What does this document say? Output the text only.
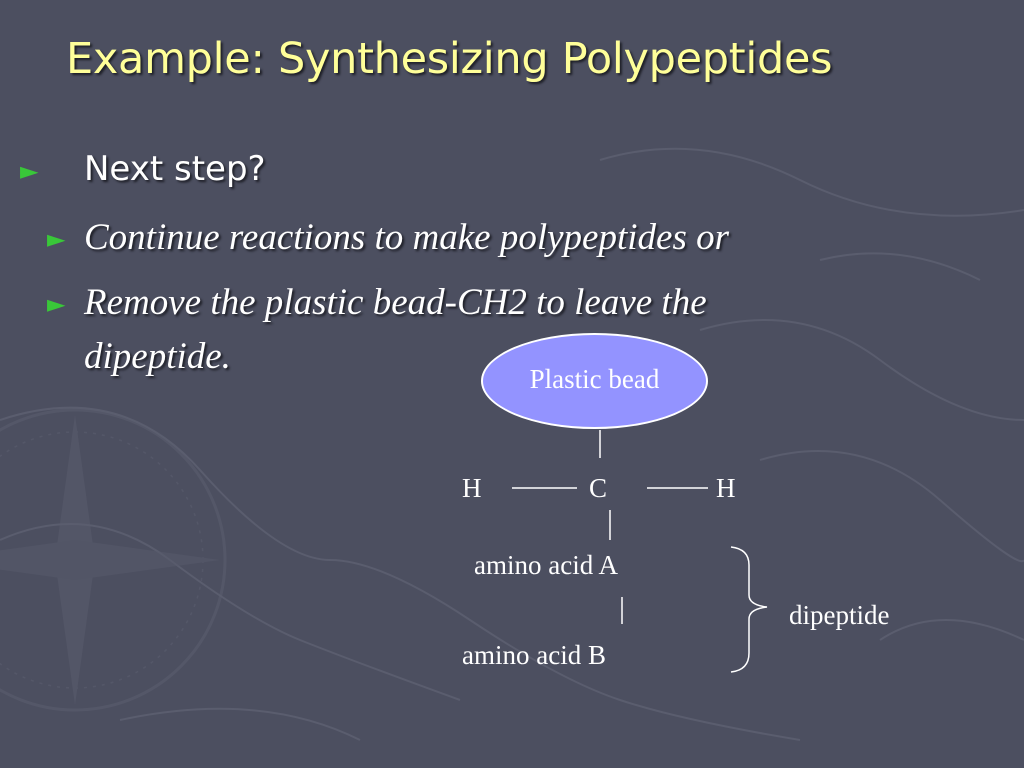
Example: Synthesizing Polypeptides
► Next step?
► Continue reactions to make polypeptides or
► Remove the plastic bead-CH2 to leave the
dipeptide.
Plastic bead
H	C	H
amino acid A
amino acid B
dipeptide
